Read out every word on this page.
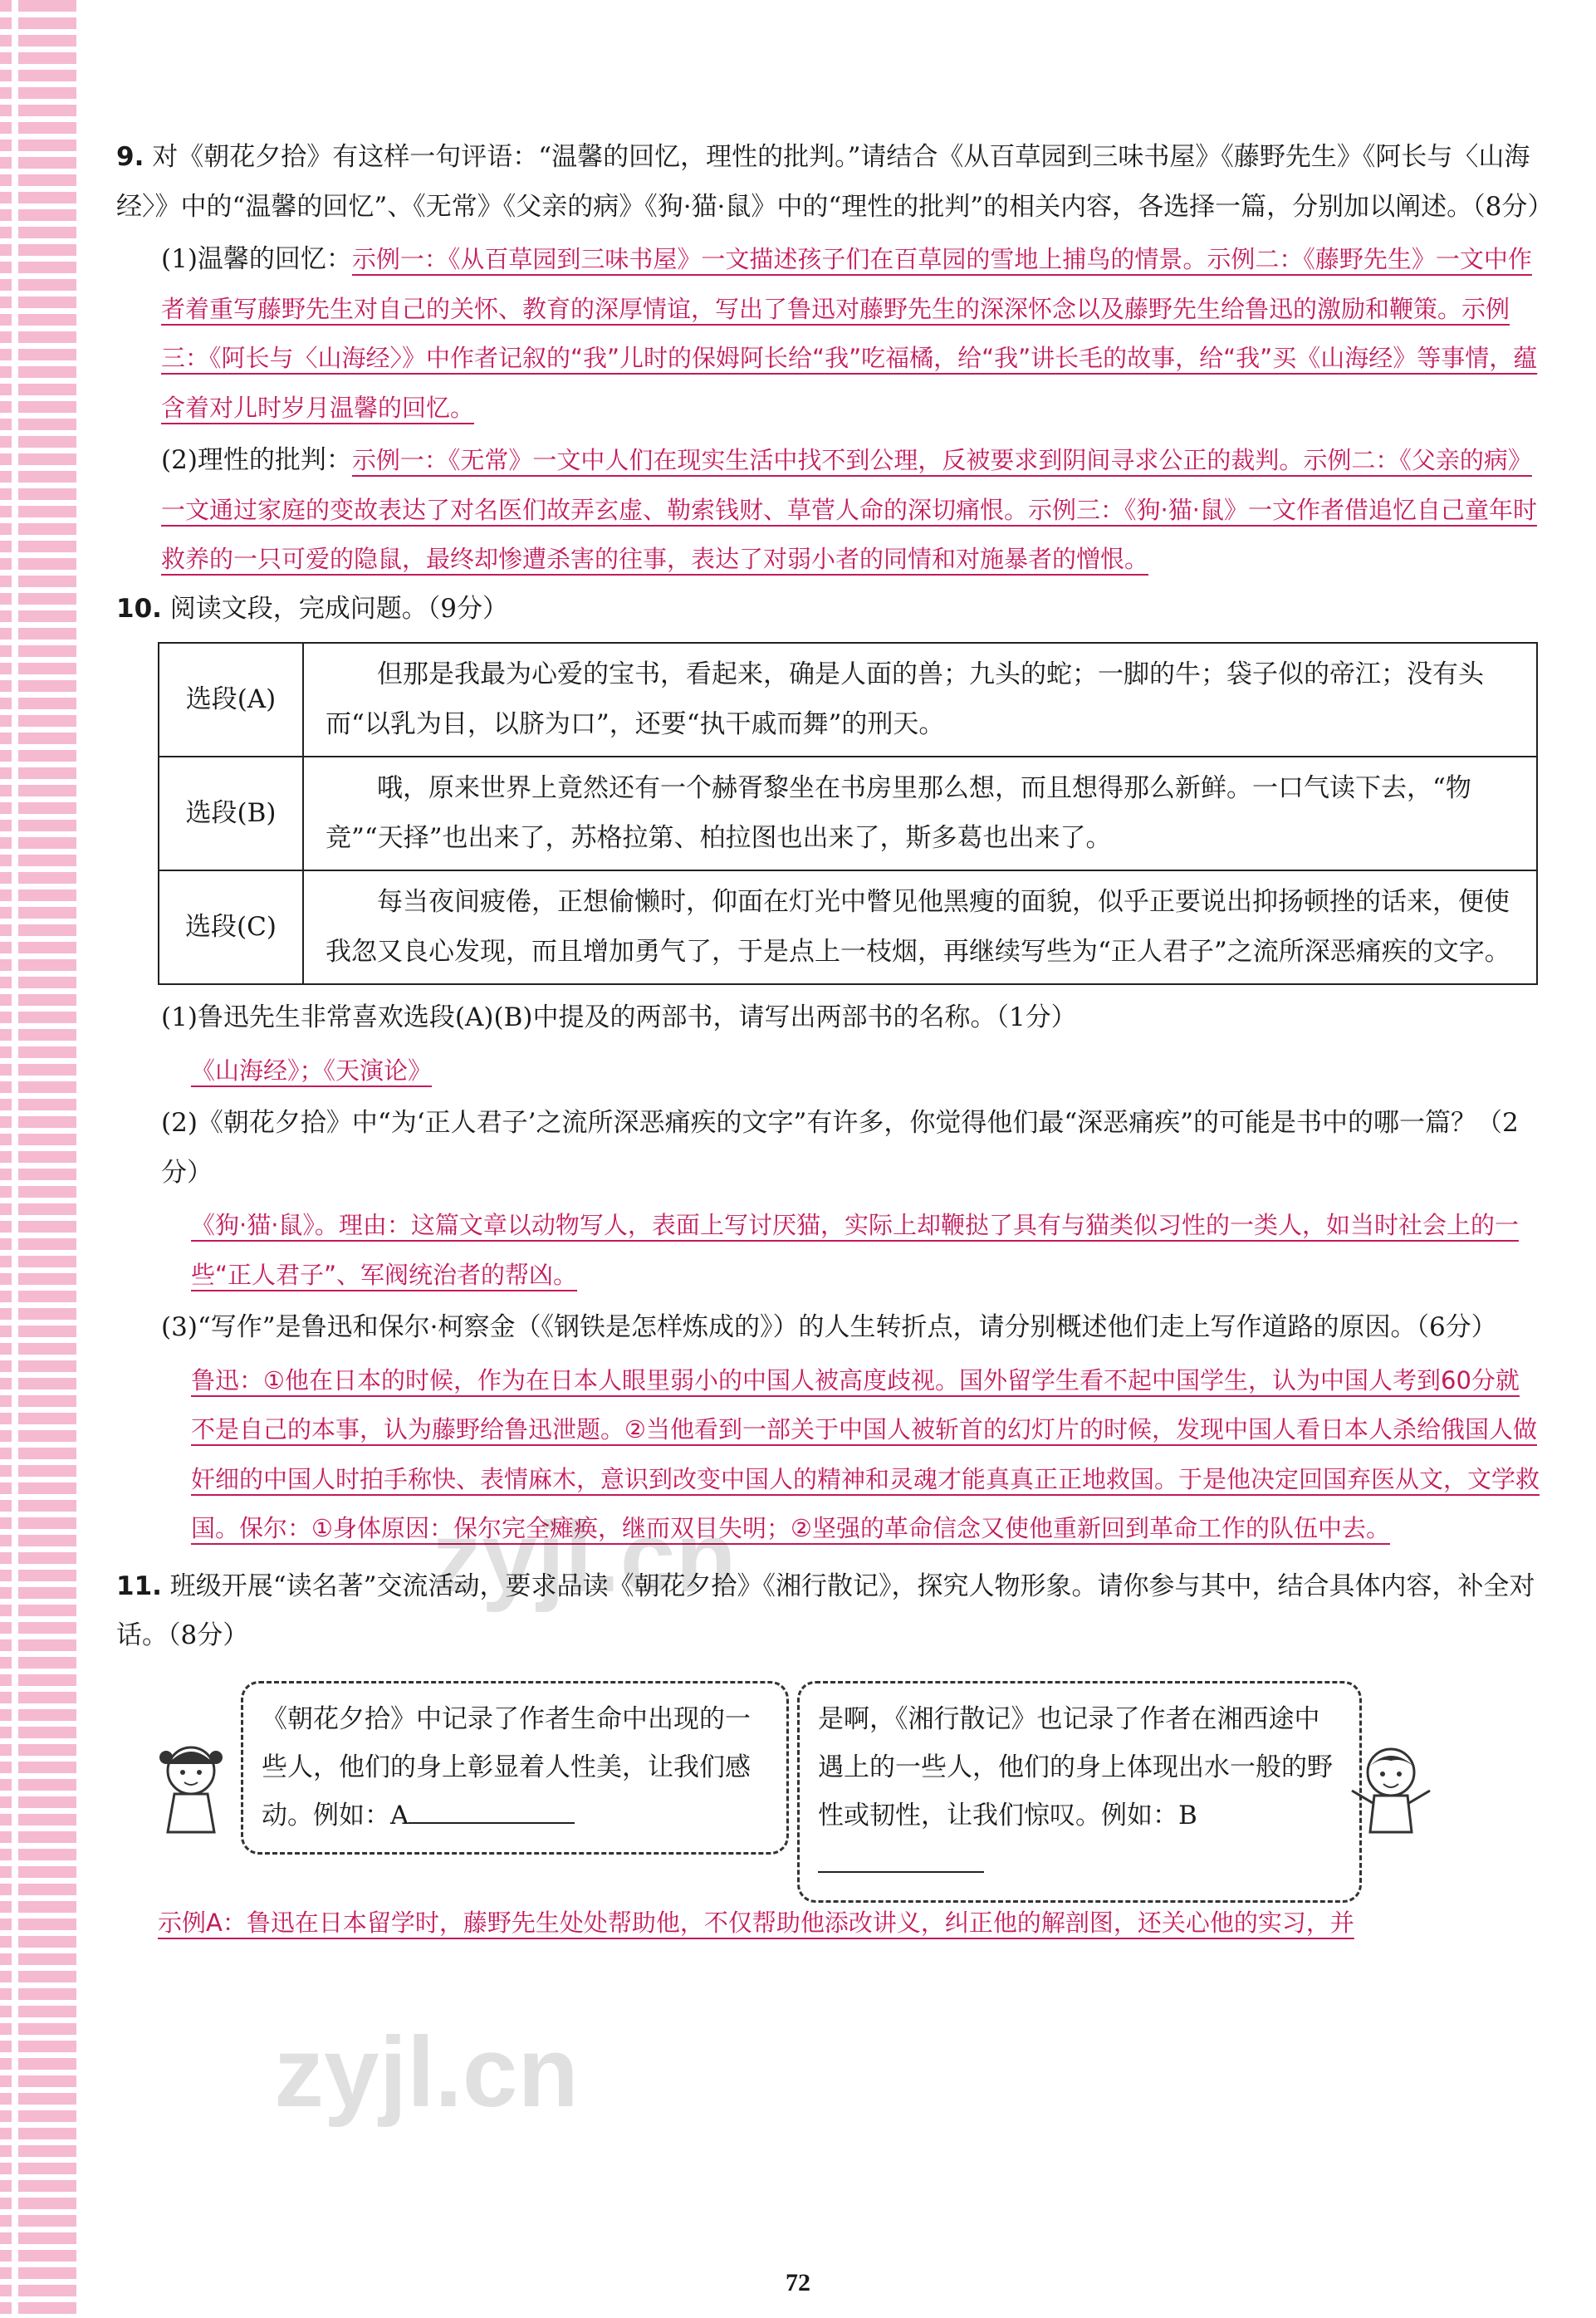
9. 对《朝花夕拾》有这样一句评语：“温馨的回忆，理性的批判。”请结合《从百草园到三味书屋》《藤野先生》《阿长与〈山海经〉》中的“温馨的回忆”、《无常》《父亲的病》《狗·猫·鼠》中的“理性的批判”的相关内容，各选择一篇，分别加以阐述。（8分）

(1)温馨的回忆：示例一：《从百草园到三味书屋》一文描述孩子们在百草园的雪地上捕鸟的情景。示例二：《藤野先生》一文中作者着重写藤野先生对自己的关怀、教育的深厚情谊，写出了鲁迅对藤野先生的深深怀念以及藤野先生给鲁迅的激励和鞭策。示例三：《阿长与〈山海经〉》中作者记叙的“我”儿时的保姆阿长给“我”吃福橘，给“我”讲长毛的故事，给“我”买《山海经》等事情，蕴含着对儿时岁月温馨的回忆。

(2)理性的批判：示例一：《无常》一文中人们在现实生活中找不到公理，反被要求到阴间寻求公正的裁判。示例二：《父亲的病》一文通过家庭的变故表达了对名医们故弄玄虚、勒索钱财、草菅人命的深切痛恨。示例三：《狗·猫·鼠》一文作者借追忆自己童年时救养的一只可爱的隐鼠，最终却惨遭杀害的往事，表达了对弱小者的同情和对施暴者的憎恨。

10. 阅读文段，完成问题。（9分）

选段(A)	但那是我最为心爱的宝书，看起来，确是人面的兽；九头的蛇；一脚的牛；袋子似的帝江；没有头而“以乳为目，以脐为口”，还要“执干戚而舞”的刑天。
选段(B)	哦，原来世界上竟然还有一个赫胥黎坐在书房里那么想，而且想得那么新鲜。一口气读下去，“物竞”“天择”也出来了，苏格拉第、柏拉图也出来了，斯多葛也出来了。
选段(C)	每当夜间疲倦，正想偷懒时，仰面在灯光中瞥见他黑瘦的面貌，似乎正要说出抑扬顿挫的话来，便使我忽又良心发现，而且增加勇气了，于是点上一枝烟，再继续写些为“正人君子”之流所深恶痛疾的文字。

(1)鲁迅先生非常喜欢选段(A)(B)中提及的两部书，请写出两部书的名称。（1分）

《山海经》；《天演论》

(2)《朝花夕拾》中“为‘正人君子’之流所深恶痛疾的文字”有许多，你觉得他们最“深恶痛疾”的可能是书中的哪一篇？（2分）

《狗·猫·鼠》。理由：这篇文章以动物写人，表面上写讨厌猫，实际上却鞭挞了具有与猫类似习性的一类人，如当时社会上的一些“正人君子”、军阀统治者的帮凶。

(3)“写作”是鲁迅和保尔·柯察金（《钢铁是怎样炼成的》）的人生转折点，请分别概述他们走上写作道路的原因。（6分）

鲁迅：①他在日本的时候，作为在日本人眼里弱小的中国人被高度歧视。国外留学生看不起中国学生，认为中国人考到60分就不是自己的本事，认为藤野给鲁迅泄题。②当他看到一部关于中国人被斩首的幻灯片的时候，发现中国人看日本人杀给俄国人做奸细的中国人时拍手称快、表情麻木，意识到改变中国人的精神和灵魂才能真真正正地救国。于是他决定回国弃医从文，文学救国。保尔：①身体原因：保尔完全瘫痪，继而双目失明；②坚强的革命信念又使他重新回到革命工作的队伍中去。

11. 班级开展“读名著”交流活动，要求品读《朝花夕拾》《湘行散记》，探究人物形象。请你参与其中，结合具体内容，补全对话。（8分）

《朝花夕拾》中记录了作者生命中出现的一些人，他们的身上彰显着人性美，让我们感动。例如：A
是啊，《湘行散记》也记录了作者在湘西途中遇上的一些人，他们的身上体现出水一般的野性或韧性，让我们惊叹。例如：B

示例A：鲁迅在日本留学时，藤野先生处处帮助他，不仅帮助他添改讲义，纠正他的解剖图，还关心他的实习，并

zyjl.cn
zyjl.cn
72
